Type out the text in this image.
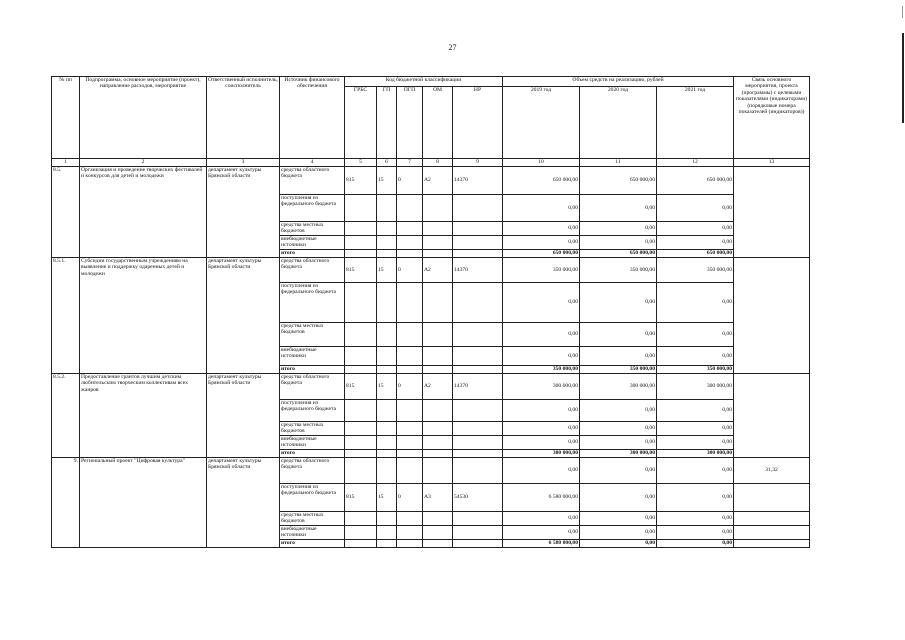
27
№ пп	Подпрограмма, основное мероприятие (проект), направление расходов, мероприятие	Ответственный исполнитель, соисполнитель	Источник финансового обеспечения	Код бюджетной классификации					Объем средств на реализацию, рублей			Связь основного мероприятия, проекта (программы) с целевыми показателями (индикаторами) (порядковые номера показателей (индикаторов))
				ГРБС	ГП	ПГП	ОМ	НР	2019 год	2020 год	2021 год	
1	2	3	4	5	6	7	8	9	10	11	12	13
8.5.	Организация и проведение творческих фестивалей и конкурсов для детей и молодежи	департамент культуры Брянской области	средства областного бюджета	815	15	0	А2	14370	650 000,00	650 000,00	650 000,00	
			поступления из федерального бюджета						0,00	0,00	0,00	
			средства местных бюджетов						0,00	0,00	0,00	
			внебюджетные источники						0,00	0,00	0,00	
			итого						650 000,00	650 000,00	650 000,00	
8.5.1.	Субсидии государственным учреждениям на выявление и поддержку одаренных детей и молодежи	департамент культуры Брянской области	средства областного бюджета	815	15	0	А2	14370	350 000,00	350 000,00	350 000,00	
			поступления из федерального бюджета						0,00	0,00	0,00	
			средства местных бюджетов						0,00	0,00	0,00	
			внебюджетные источники						0,00	0,00	0,00	
			итого						350 000,00	350 000,00	350 000,00	
8.5.2.	Предоставление грантов лучшим детским любительским творческим коллективам всех жанров	департамент культуры Брянской области	средства областного бюджета	815	15	0	А2	14370	300 000,00	300 000,00	300 000,00	
			поступления из федерального бюджета						0,00	0,00	0,00	
			средства местных бюджетов						0,00	0,00	0,00	
			внебюджетные источники						0,00	0,00	0,00	
			итого						300 000,00	300 000,00	300 000,00	
9.	Региональный проект "Цифровая культура"	департамент культуры Брянской области	средства областного бюджета						0,00	0,00	0,00	31,32
			поступления из федерального бюджета	815	15	0	А3	54530	6 580 000,00	0,00	0,00	
			средства местных бюджетов						0,00	0,00	0,00	
			внебюджетные источники						0,00	0,00	0,00	
			итого						6 580 000,00	0,00	0,00	
